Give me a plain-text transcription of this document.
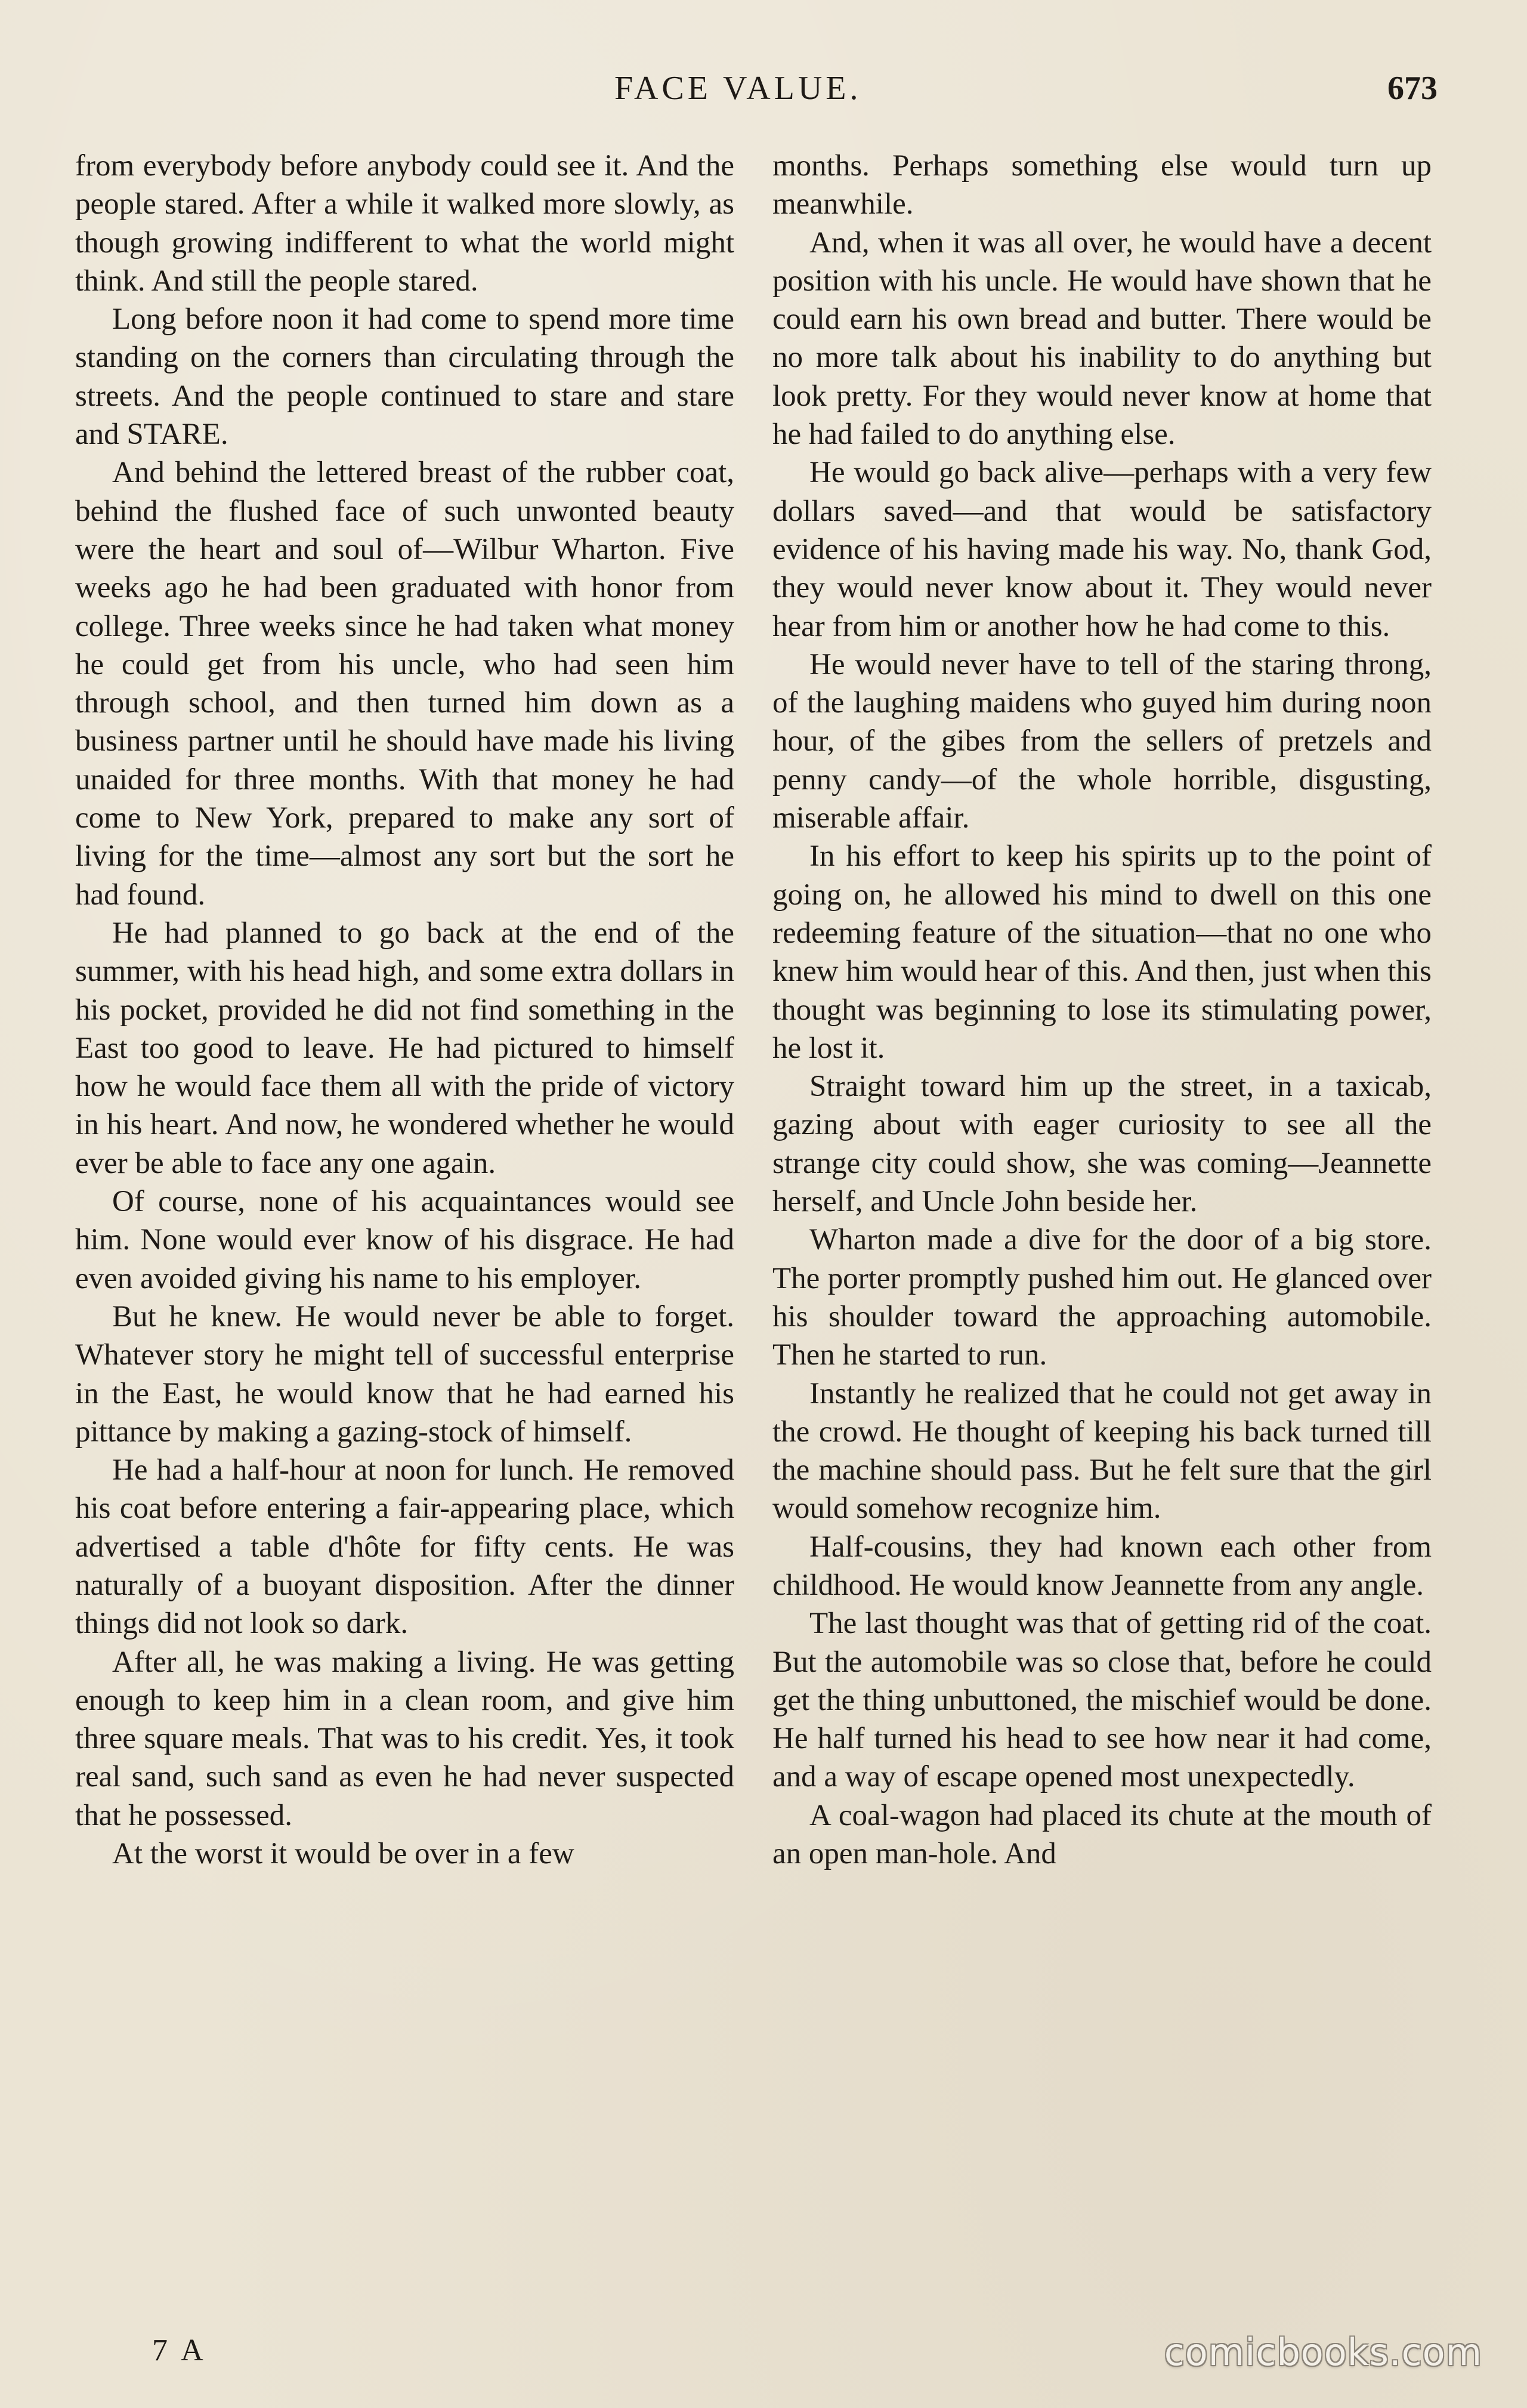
FACE VALUE.	673

from everybody before anybody could see it. And the people stared. After a while it walked more slowly, as though growing indifferent to what the world might think. And still the people stared.

Long before noon it had come to spend more time standing on the corners than circulating through the streets. And the people continued to stare and stare and STARE.

And behind the lettered breast of the rubber coat, behind the flushed face of such unwonted beauty were the heart and soul of—Wilbur Wharton. Five weeks ago he had been graduated with honor from college. Three weeks since he had taken what money he could get from his uncle, who had seen him through school, and then turned him down as a business partner until he should have made his living unaided for three months. With that money he had come to New York, prepared to make any sort of living for the time—almost any sort but the sort he had found.

He had planned to go back at the end of the summer, with his head high, and some extra dollars in his pocket, provided he did not find something in the East too good to leave. He had pictured to himself how he would face them all with the pride of victory in his heart. And now, he wondered whether he would ever be able to face any one again.

Of course, none of his acquaintances would see him. None would ever know of his disgrace. He had even avoided giving his name to his employer.

But he knew. He would never be able to forget. Whatever story he might tell of successful enterprise in the East, he would know that he had earned his pittance by making a gazing-stock of himself.

He had a half-hour at noon for lunch. He removed his coat before entering a fair-appearing place, which advertised a table d'hôte for fifty cents. He was naturally of a buoyant disposition. After the dinner things did not look so dark.

After all, he was making a living. He was getting enough to keep him in a clean room, and give him three square meals. That was to his credit. Yes, it took real sand, such sand as even he had never suspected that he possessed.

At the worst it would be over in a few

months. Perhaps something else would turn up meanwhile.

And, when it was all over, he would have a decent position with his uncle. He would have shown that he could earn his own bread and butter. There would be no more talk about his inability to do anything but look pretty. For they would never know at home that he had failed to do anything else.

He would go back alive—perhaps with a very few dollars saved—and that would be satisfactory evidence of his having made his way. No, thank God, they would never know about it. They would never hear from him or another how he had come to this.

He would never have to tell of the staring throng, of the laughing maidens who guyed him during noon hour, of the gibes from the sellers of pretzels and penny candy—of the whole horrible, disgusting, miserable affair.

In his effort to keep his spirits up to the point of going on, he allowed his mind to dwell on this one redeeming feature of the situation—that no one who knew him would hear of this. And then, just when this thought was beginning to lose its stimulating power, he lost it.

Straight toward him up the street, in a taxicab, gazing about with eager curiosity to see all the strange city could show, she was coming—Jeannette herself, and Uncle John beside her.

Wharton made a dive for the door of a big store. The porter promptly pushed him out. He glanced over his shoulder toward the approaching automobile. Then he started to run.

Instantly he realized that he could not get away in the crowd. He thought of keeping his back turned till the machine should pass. But he felt sure that the girl would somehow recognize him.

Half-cousins, they had known each other from childhood. He would know Jeannette from any angle.

The last thought was that of getting rid of the coat. But the automobile was so close that, before he could get the thing unbuttoned, the mischief would be done. He half turned his head to see how near it had come, and a way of escape opened most unexpectedly.

A coal-wagon had placed its chute at the mouth of an open man-hole. And

7 A	comicbooks.com
